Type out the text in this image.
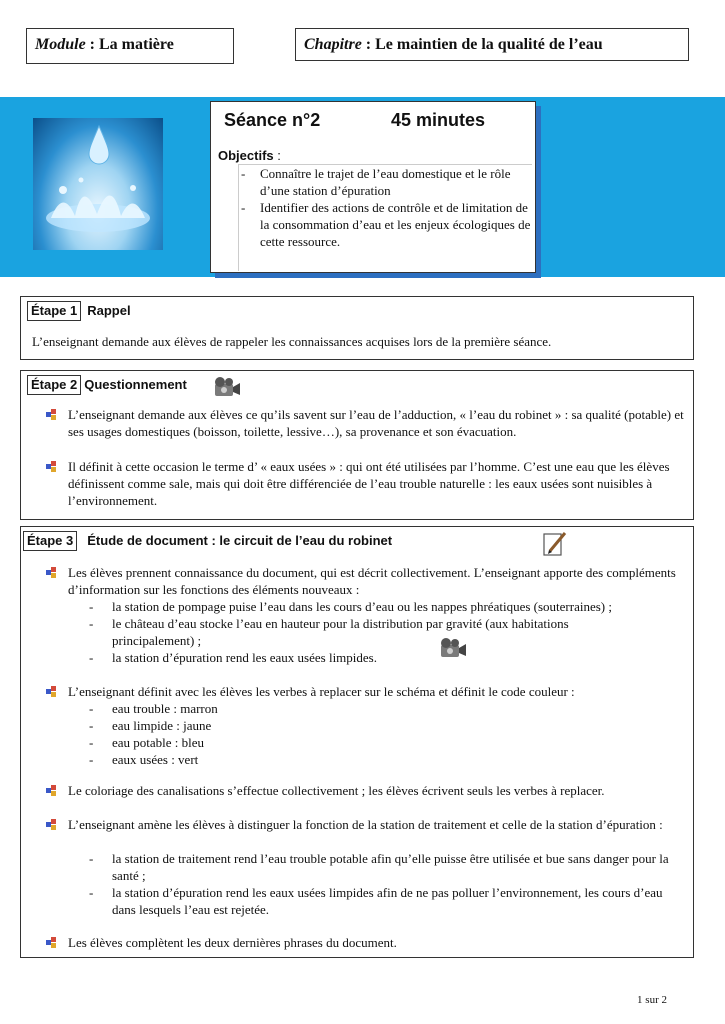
Module : La matière	Chapitre : Le maintien de la qualité de l’eau
Séance n°2	45 minutes
Objectifs :
- Connaître le trajet de l’eau domestique et le rôle d’une station d’épuration
- Identifier des actions de contrôle et de limitation de la consommation d’eau et les enjeux écologiques de cette ressource.
Étape 1 Rappel
L’enseignant demande aux élèves de rappeler les connaissances acquises lors de la première séance.
Étape 2 Questionnement
L’enseignant demande aux élèves ce qu’ils savent sur l’eau de l’adduction, « l’eau du robinet » : sa qualité (potable) et ses usages domestiques (boisson, toilette, lessive…), sa provenance et son évacuation.
Il définit à cette occasion le terme d’ « eaux usées » : qui ont été utilisées par l’homme. C’est une eau que les élèves définissent comme sale, mais qui doit être différenciée de l’eau trouble naturelle : les eaux usées sont nuisibles à l’environnement.
Étape 3 Étude de document : le circuit de l’eau du robinet
Les élèves prennent connaissance du document, qui est décrit collectivement. L’enseignant apporte des compléments d’information sur les fonctions des éléments nouveaux :
- la station de pompage puise l’eau dans les cours d’eau ou les nappes phréatiques (souterraines) ;
- le château d’eau stocke l’eau en hauteur pour la distribution par gravité (aux habitations principalement) ;
- la station d’épuration rend les eaux usées limpides.
L’enseignant définit avec les élèves les verbes à replacer sur le schéma et définit le code couleur :
- eau trouble : marron
- eau limpide : jaune
- eau potable : bleu
- eaux usées : vert
Le coloriage des canalisations s’effectue collectivement ; les élèves écrivent seuls les verbes à replacer.
L’enseignant amène les élèves à distinguer la fonction de la station de traitement et celle de la station d’épuration :
- la station de traitement rend l’eau trouble potable afin qu’elle puisse être utilisée et bue sans danger pour la santé ;
- la station d’épuration rend les eaux usées limpides afin de ne pas polluer l’environnement, les cours d’eau dans lesquels l’eau est rejetée.
Les élèves complètent les deux dernières phrases du document.
1 sur 2
